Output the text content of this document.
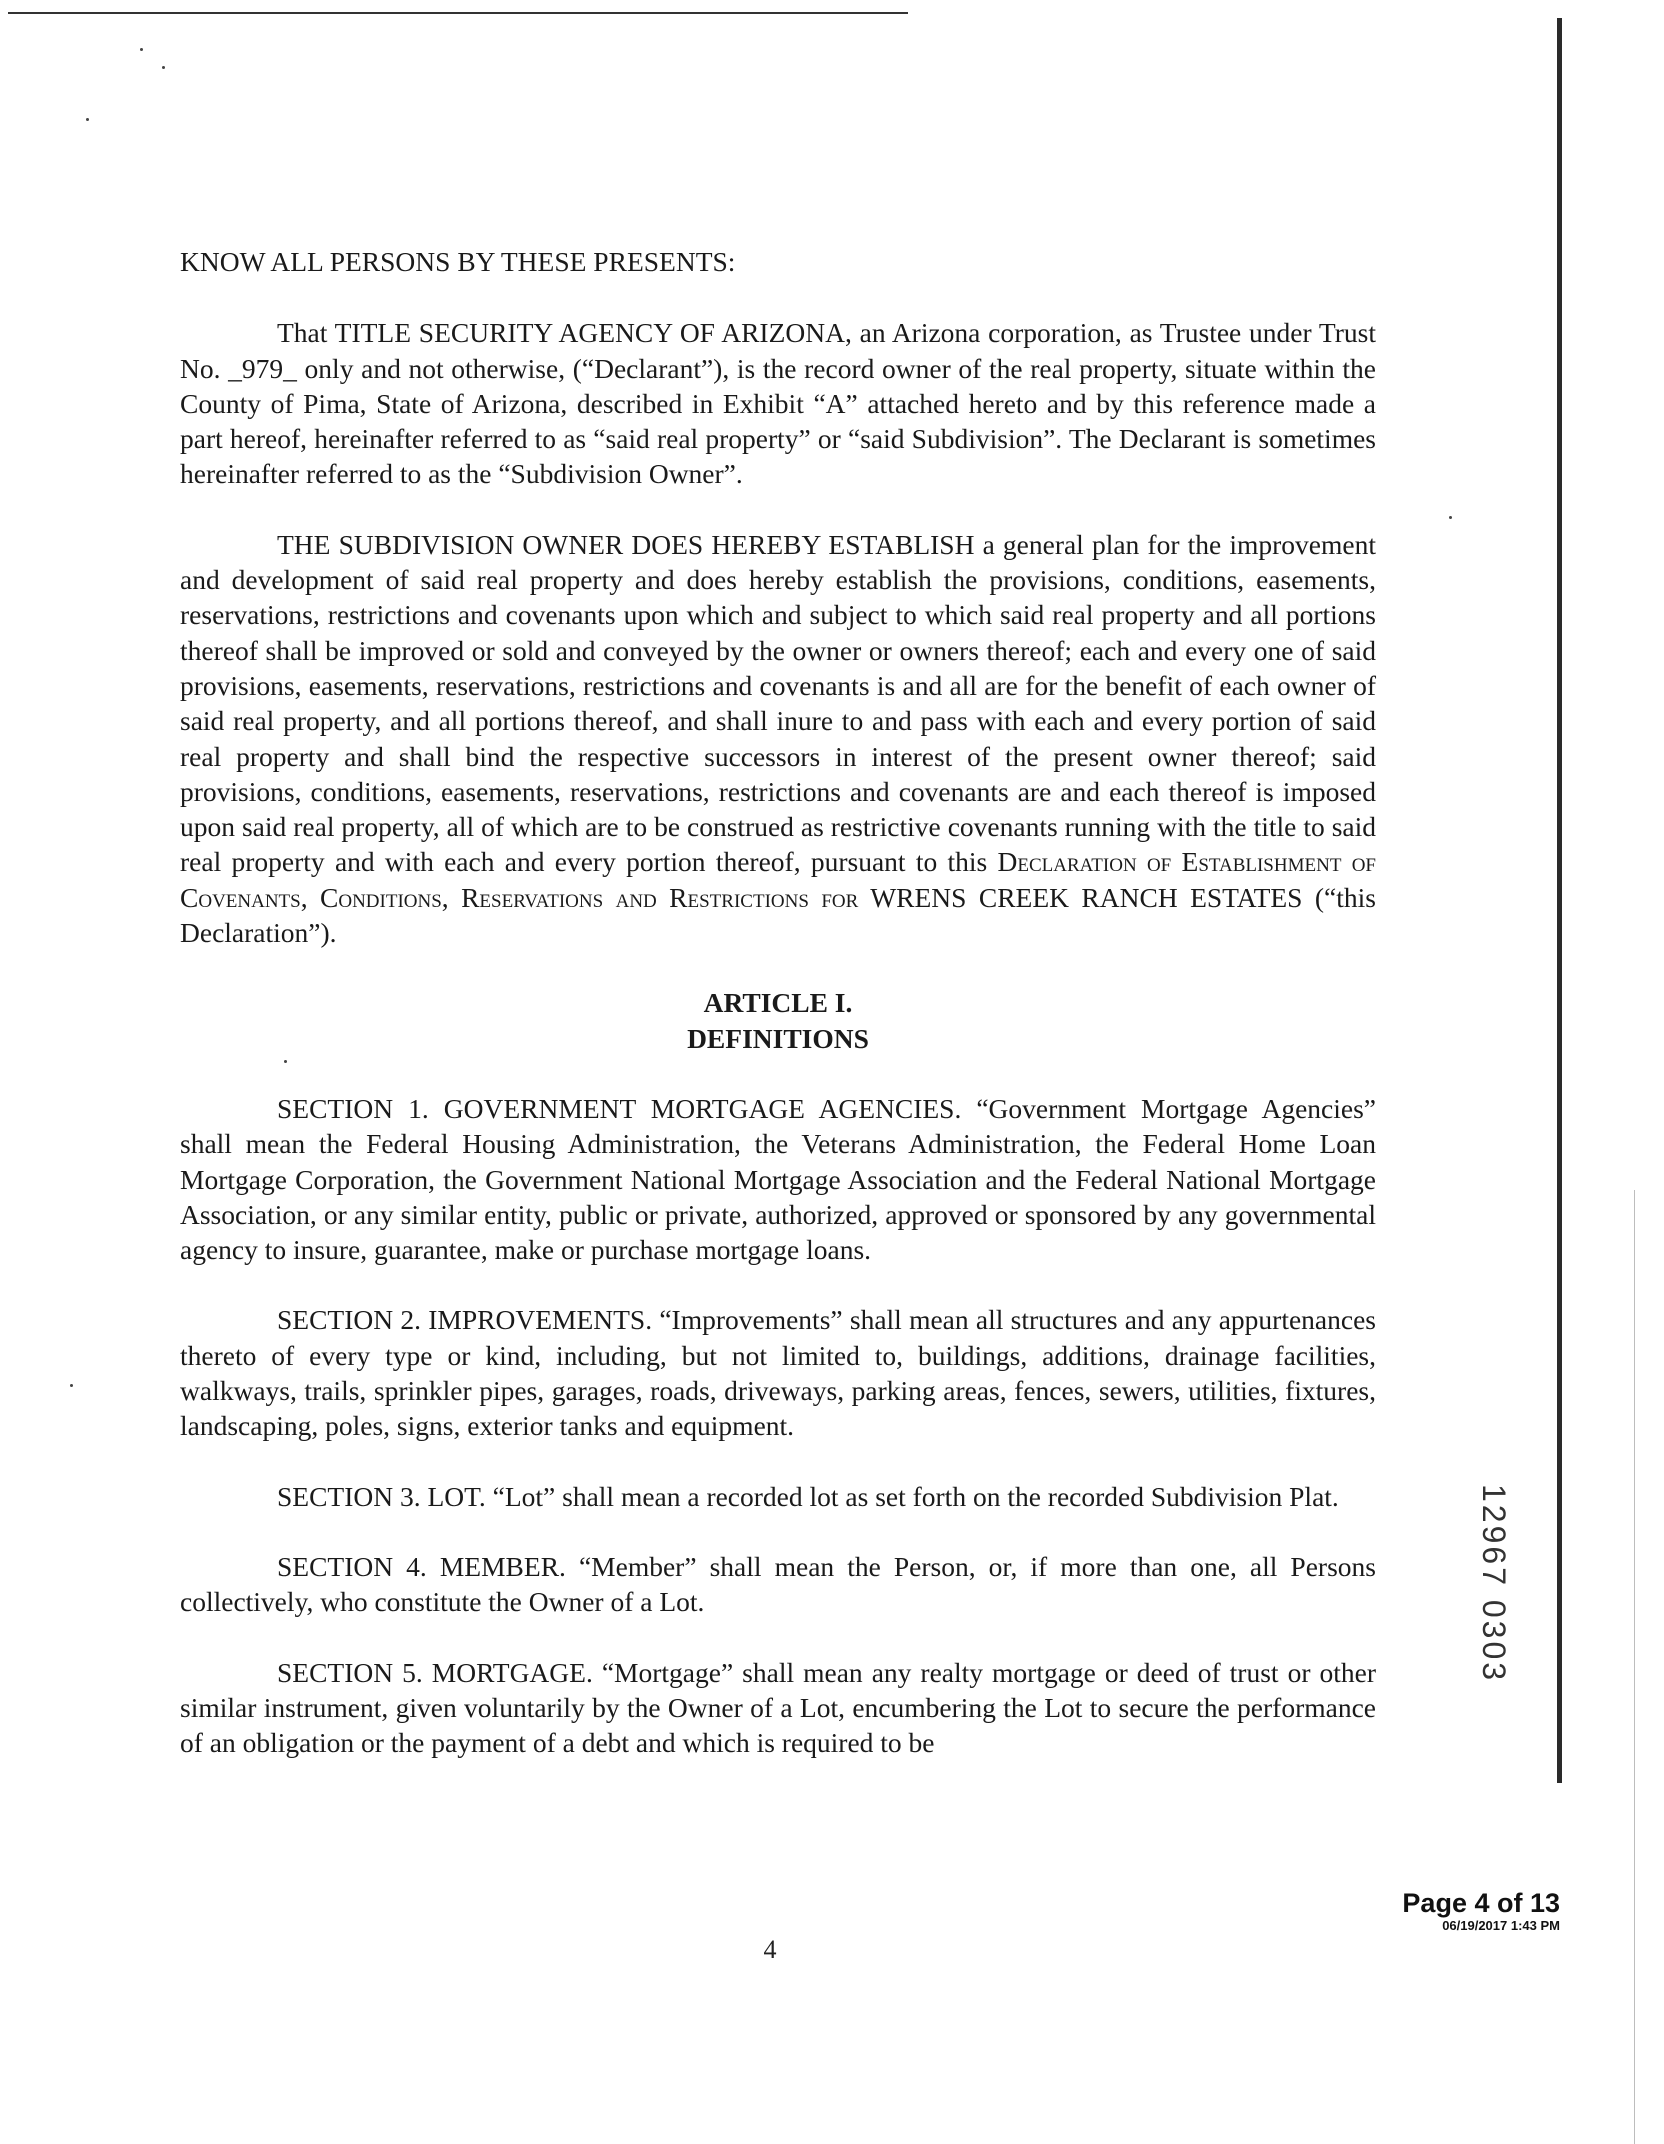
KNOW ALL PERSONS BY THESE PRESENTS:

That TITLE SECURITY AGENCY OF ARIZONA, an Arizona corporation, as Trustee under Trust No. _979_ only and not otherwise, (“Declarant”), is the record owner of the real property, situate within the County of Pima, State of Arizona, described in Exhibit “A” attached hereto and by this reference made a part hereof, hereinafter referred to as “said real property” or “said Subdivision”. The Declarant is sometimes hereinafter referred to as the “Subdivision Owner”.

THE SUBDIVISION OWNER DOES HEREBY ESTABLISH a general plan for the improvement and development of said real property and does hereby establish the provisions, conditions, easements, reservations, restrictions and covenants upon which and subject to which said real property and all portions thereof shall be improved or sold and conveyed by the owner or owners thereof; each and every one of said provisions, easements, reservations, restrictions and covenants is and all are for the benefit of each owner of said real property, and all portions thereof, and shall inure to and pass with each and every portion of said real property and shall bind the respective successors in interest of the present owner thereof; said provisions, conditions, easements, reservations, restrictions and covenants are and each thereof is imposed upon said real property, all of which are to be construed as restrictive covenants running with the title to said real property and with each and every portion thereof, pursuant to this Declaration of Establishment of Covenants, Conditions, Reservations and Restrictions for WRENS CREEK RANCH ESTATES (“this Declaration”).

ARTICLE I.
DEFINITIONS

SECTION 1. GOVERNMENT MORTGAGE AGENCIES. “Government Mortgage Agencies” shall mean the Federal Housing Administration, the Veterans Administration, the Federal Home Loan Mortgage Corporation, the Government National Mortgage Association and the Federal National Mortgage Association, or any similar entity, public or private, authorized, approved or sponsored by any governmental agency to insure, guarantee, make or purchase mortgage loans.

SECTION 2. IMPROVEMENTS. “Improvements” shall mean all structures and any appurtenances thereto of every type or kind, including, but not limited to, buildings, additions, drainage facilities, walkways, trails, sprinkler pipes, garages, roads, driveways, parking areas, fences, sewers, utilities, fixtures, landscaping, poles, signs, exterior tanks and equipment.

SECTION 3. LOT. “Lot” shall mean a recorded lot as set forth on the recorded Subdivision Plat.

SECTION 4. MEMBER. “Member” shall mean the Person, or, if more than one, all Persons collectively, who constitute the Owner of a Lot.

SECTION 5. MORTGAGE. “Mortgage” shall mean any realty mortgage or deed of trust or other similar instrument, given voluntarily by the Owner of a Lot, encumbering the Lot to secure the performance of an obligation or the payment of a debt and which is required to be

12967 0303
Page 4 of 13
06/19/2017 1:43 PM
4
